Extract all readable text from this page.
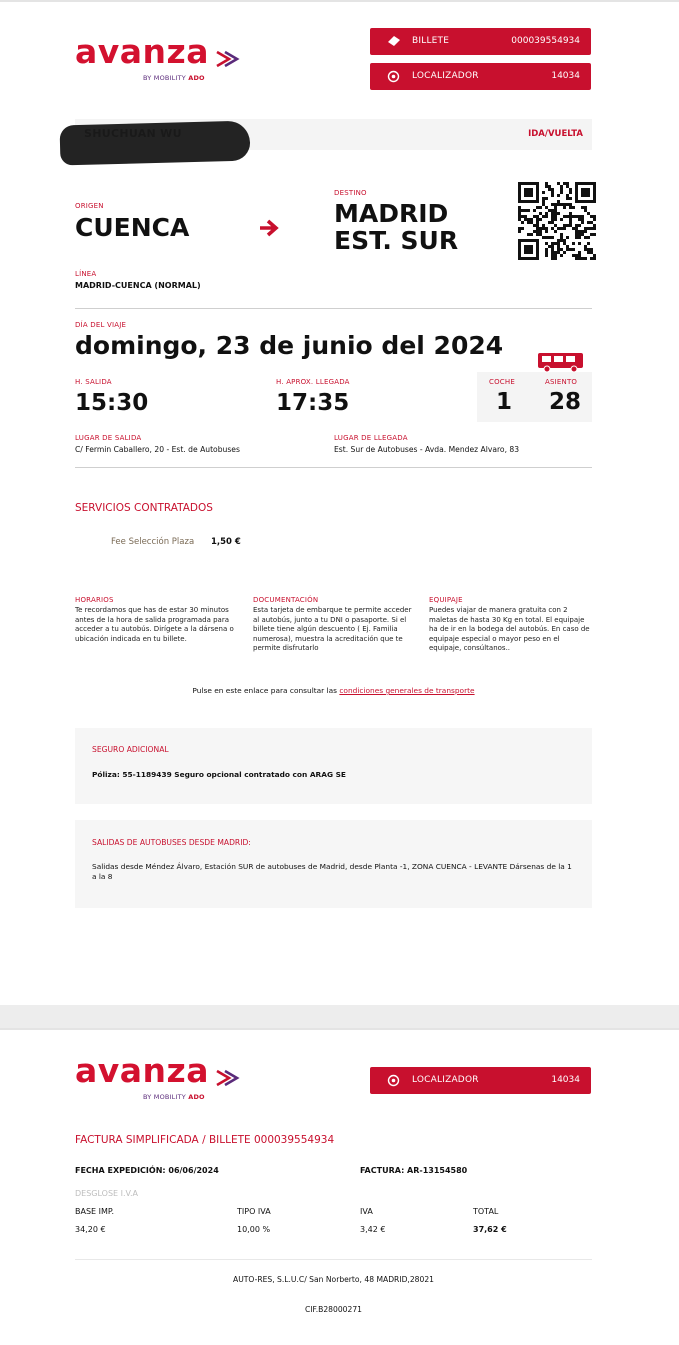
avanza
BY MOBILITY ADO
BILLETE	000039554934
LOCALIZADOR	14034
IDA/VUELTA
ORIGEN
CUENCA
DESTINO
MADRID
EST. SUR
LÍNEA
MADRID-CUENCA (NORMAL)
DÍA DEL VIAJE
domingo, 23 de junio del 2024
H. SALIDA
15:30
H. APROX. LLEGADA
17:35
COCHE
1
ASIENTO
28
LUGAR DE SALIDA
C/ Fermin Caballero, 20 - Est. de Autobuses
LUGAR DE LLEGADA
Est. Sur de Autobuses - Avda. Mendez Alvaro, 83
SERVICIOS CONTRATADOS
Fee Selección Plaza 1,50 €
HORARIOS

Te recordamos que has de estar 30 minutos antes de la hora de salida programada para acceder a tu autobús. Dirígete a la dársena o ubicación indicada en tu billete.

DOCUMENTACIÓN

Esta tarjeta de embarque te permite acceder al autobús, junto a tu DNI o pasaporte. Si el billete tiene algún descuento ( Ej. Familia numerosa), muestra la acreditación que te permite disfrutarlo

EQUIPAJE

Puedes viajar de manera gratuita con 2 maletas de hasta 30 Kg en total. El equipaje ha de ir en la bodega del autobús. En caso de equipaje especial o mayor peso en el equipaje, consúltanos..

Pulse en este enlace para consultar las condiciones generales de transporte
SEGURO ADICIONAL
Póliza: 55-1189439 Seguro opcional contratado con ARAG SE
SALIDAS DE AUTOBUSES DESDE MADRID:

Salidas desde Méndez Álvaro, Estación SUR de autobuses de Madrid, desde Planta -1, ZONA CUENCA - LEVANTE Dársenas de la 1 a la 8

avanza
BY MOBILITY ADO
LOCALIZADOR	14034
FACTURA SIMPLIFICADA / BILLETE 000039554934
FECHA EXPEDICIÓN: 06/06/2024	FACTURA: AR-13154580
DESGLOSE I.V.A
BASE IMP.	TIPO IVA	IVA	TOTAL
34,20 €	10,00 %	3,42 €	37,62 €
AUTO-RES, S.L.U.C/ San Norberto, 48 MADRID,28021
CIF.B28000271
